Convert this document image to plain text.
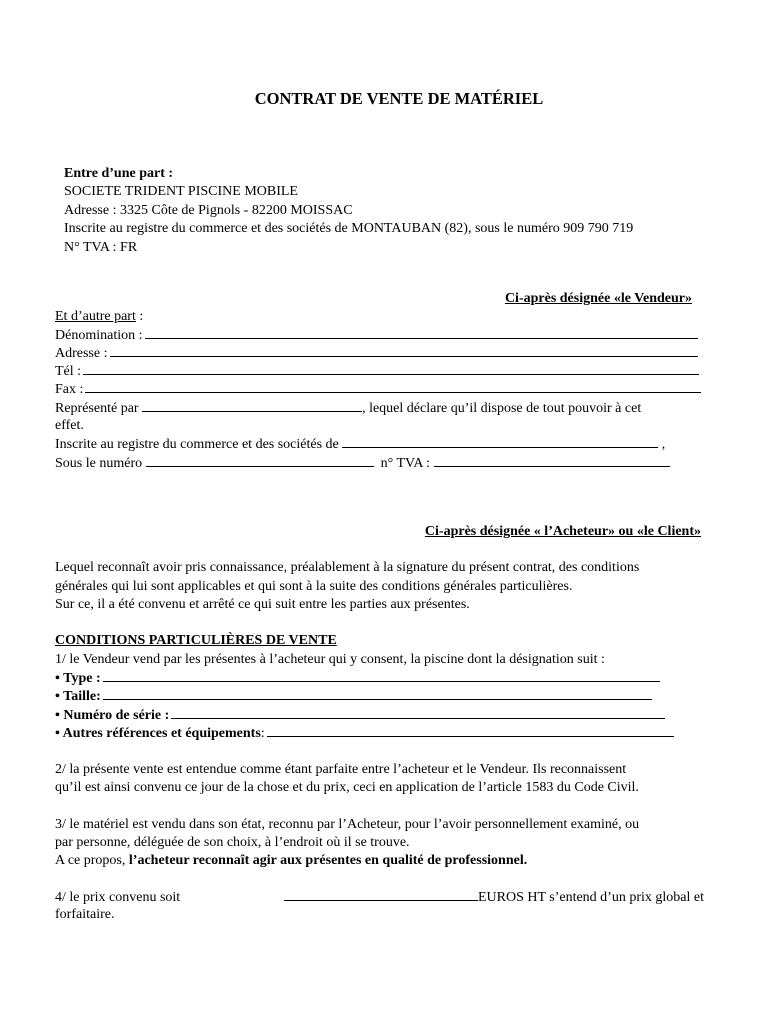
CONTRAT DE VENTE DE MATÉRIEL
Entre d’une part :
SOCIETE TRIDENT PISCINE MOBILE
Adresse : 3325 Côte de Pignols - 82200 MOISSAC
Inscrite au registre du commerce et des sociétés de MONTAUBAN (82), sous le numéro 909 790 719
N° TVA : FR
Ci-après désignée «le Vendeur»
Et d’autre part :
Dénomination :
Adresse :
Tél :
Fax :
Représenté par	, lequel déclare qu’il dispose de tout pouvoir à cet
effet.
Inscrite au registre du commerce et des sociétés de	,
Sous le numéro	n° TVA :
Ci-après désignée « l’Acheteur» ou «le Client»
Lequel reconnaît avoir pris connaissance, préalablement à la signature du présent contrat, des conditions
générales qui lui sont applicables et qui sont à la suite des conditions générales particulières.
Sur ce, il a été convenu et arrêté ce qui suit entre les parties aux présentes.
CONDITIONS PARTICULIÈRES DE VENTE
1/ le Vendeur vend par les présentes à l’acheteur qui y consent, la piscine dont la désignation suit :
• Type :
• Taille:
• Numéro de série :
• Autres références et équipements :
2/ la présente vente est entendue comme étant parfaite entre l’acheteur et le Vendeur. Ils reconnaissent
qu’il est ainsi convenu ce jour de la chose et du prix, ceci en application de l’article 1583 du Code Civil.
3/ le matériel est vendu dans son état, reconnu par l’Acheteur, pour l’avoir personnellement examiné, ou
par personne, déléguée de son choix, à l’endroit où il se trouve.
A ce propos, l’acheteur reconnaît agir aux présentes en qualité de professionnel.
4/ le prix convenu soit	EUROS HT s’entend d’un prix global et
forfaitaire.
